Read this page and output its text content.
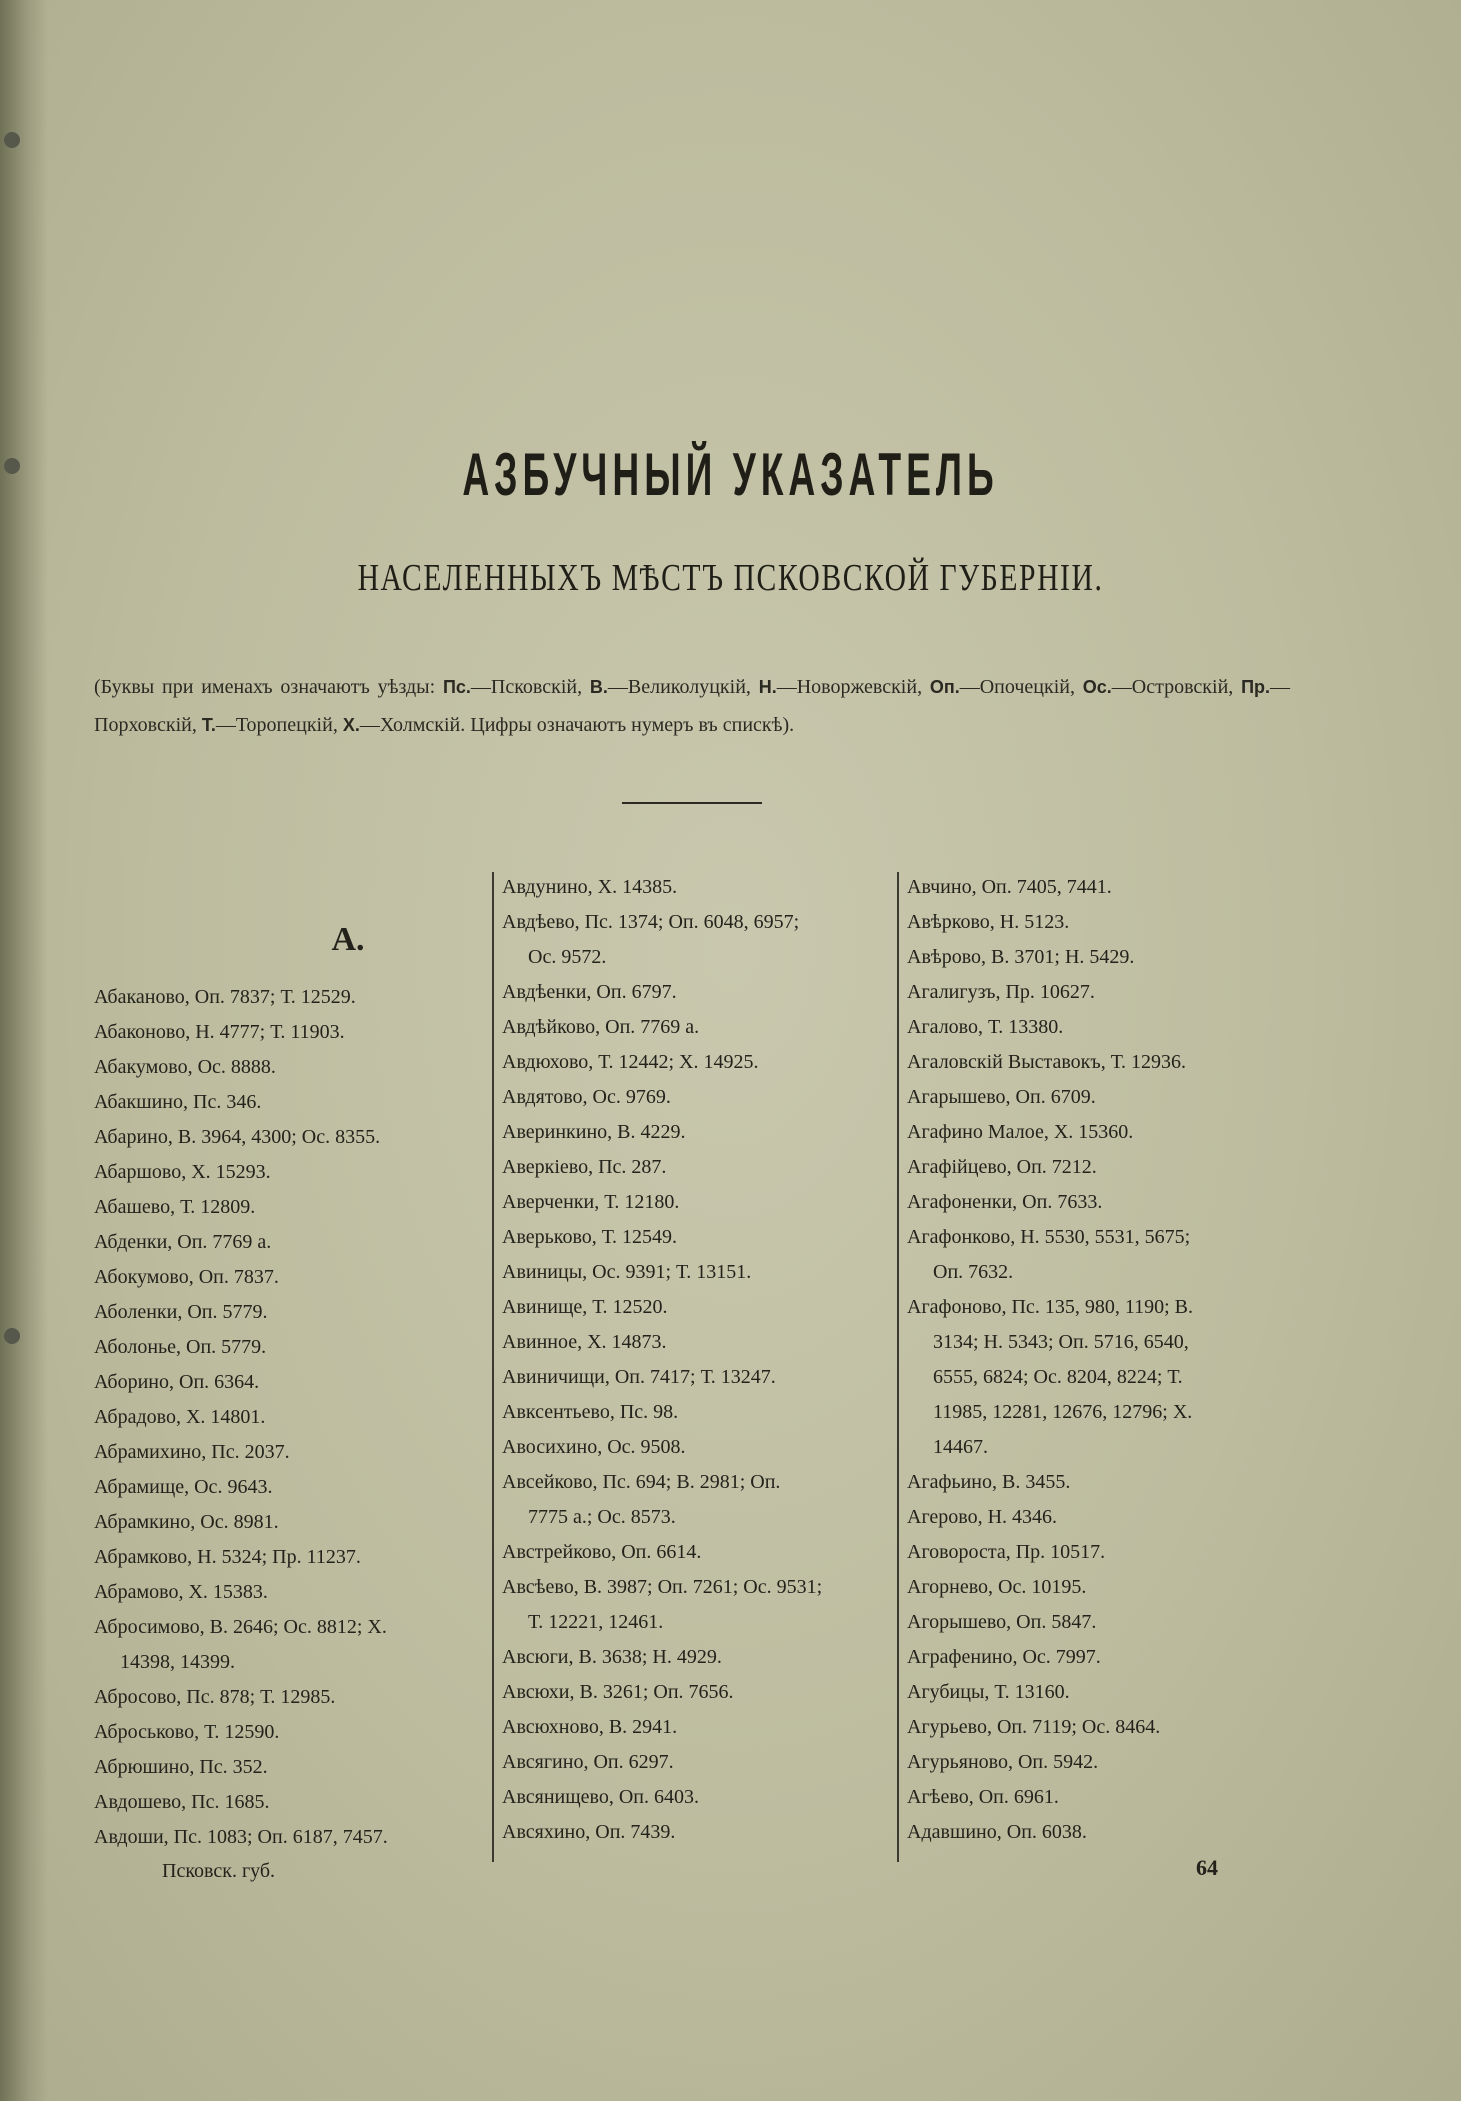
АЗБУЧНЫЙ УКАЗАТЕЛЬ
НАСЕЛЕННЫХЪ МѢСТЪ ПСКОВСКОЙ ГУБЕРНІИ.
(Буквы при именахъ означаютъ уѣзды: Пс.—Псковскій, В.—Великолуцкій, Н.—Новоржевскій, Оп.—Опочецкій, Ос.—Островскій, Пр.—Порховскій, Т.—Торопецкій, Х.—Холмскій. Цифры означаютъ нумеръ въ спискѣ).

А.

Абаканово, Оп. 7837; Т. 12529.

Абаконово, Н. 4777; Т. 11903.

Абакумово, Ос. 8888.

Абакшино, Пс. 346.

Абарино, В. 3964, 4300; Ос. 8355.

Абаршово, Х. 15293.

Абашево, Т. 12809.

Абденки, Оп. 7769 а.

Абокумово, Оп. 7837.

Аболенки, Оп. 5779.

Аболонье, Оп. 5779.

Аборино, Оп. 6364.

Абрадово, Х. 14801.

Абрамихино, Пс. 2037.

Абрамище, Ос. 9643.

Абрамкино, Ос. 8981.

Абрамково, Н. 5324; Пр. 11237.

Абрамово, Х. 15383.

Абросимово, В. 2646; Ос. 8812; Х.

14398, 14399.

Абросово, Пс. 878; Т. 12985.

Аброськово, Т. 12590.

Абрюшино, Пс. 352.

Авдошево, Пс. 1685.

Авдоши, Пс. 1083; Оп. 6187, 7457.

Авдунино, Х. 14385.

Авдѣево, Пс. 1374; Оп. 6048, 6957;

Ос. 9572.

Авдѣенки, Оп. 6797.

Авдѣйково, Оп. 7769 а.

Авдюхово, Т. 12442; Х. 14925.

Авдятово, Ос. 9769.

Аверинкино, В. 4229.

Аверкіево, Пс. 287.

Аверченки, Т. 12180.

Аверьково, Т. 12549.

Авиницы, Ос. 9391; Т. 13151.

Авинище, Т. 12520.

Авинное, Х. 14873.

Авиничищи, Оп. 7417; Т. 13247.

Авксентьево, Пс. 98.

Авосихино, Ос. 9508.

Авсейково, Пс. 694; В. 2981; Оп.

7775 а.; Ос. 8573.

Австрейково, Оп. 6614.

Авсѣево, В. 3987; Оп. 7261; Ос. 9531;

Т. 12221, 12461.

Авсюги, В. 3638; Н. 4929.

Авсюхи, В. 3261; Оп. 7656.

Авсюхново, В. 2941.

Авсягино, Оп. 6297.

Авсянищево, Оп. 6403.

Авсяхино, Оп. 7439.

Авчино, Оп. 7405, 7441.

Авѣрково, Н. 5123.

Авѣрово, В. 3701; Н. 5429.

Агалигузъ, Пр. 10627.

Агалово, Т. 13380.

Агаловскій Выставокъ, Т. 12936.

Агарышево, Оп. 6709.

Агафино Малое, Х. 15360.

Агафійцево, Оп. 7212.

Агафоненки, Оп. 7633.

Агафонково, Н. 5530, 5531, 5675;

Оп. 7632.

Агафоново, Пс. 135, 980, 1190; В.

3134; Н. 5343; Оп. 5716, 6540,

6555, 6824; Ос. 8204, 8224; Т.

11985, 12281, 12676, 12796; Х.

14467.

Агафьино, В. 3455.

Агерово, Н. 4346.

Аговороста, Пр. 10517.

Агорнево, Ос. 10195.

Агорышево, Оп. 5847.

Аграфенино, Ос. 7997.

Агубицы, Т. 13160.

Агурьево, Оп. 7119; Ос. 8464.

Агурьяново, Оп. 5942.

Агѣево, Оп. 6961.

Адавшино, Оп. 6038.

Псковск. губ.	64
